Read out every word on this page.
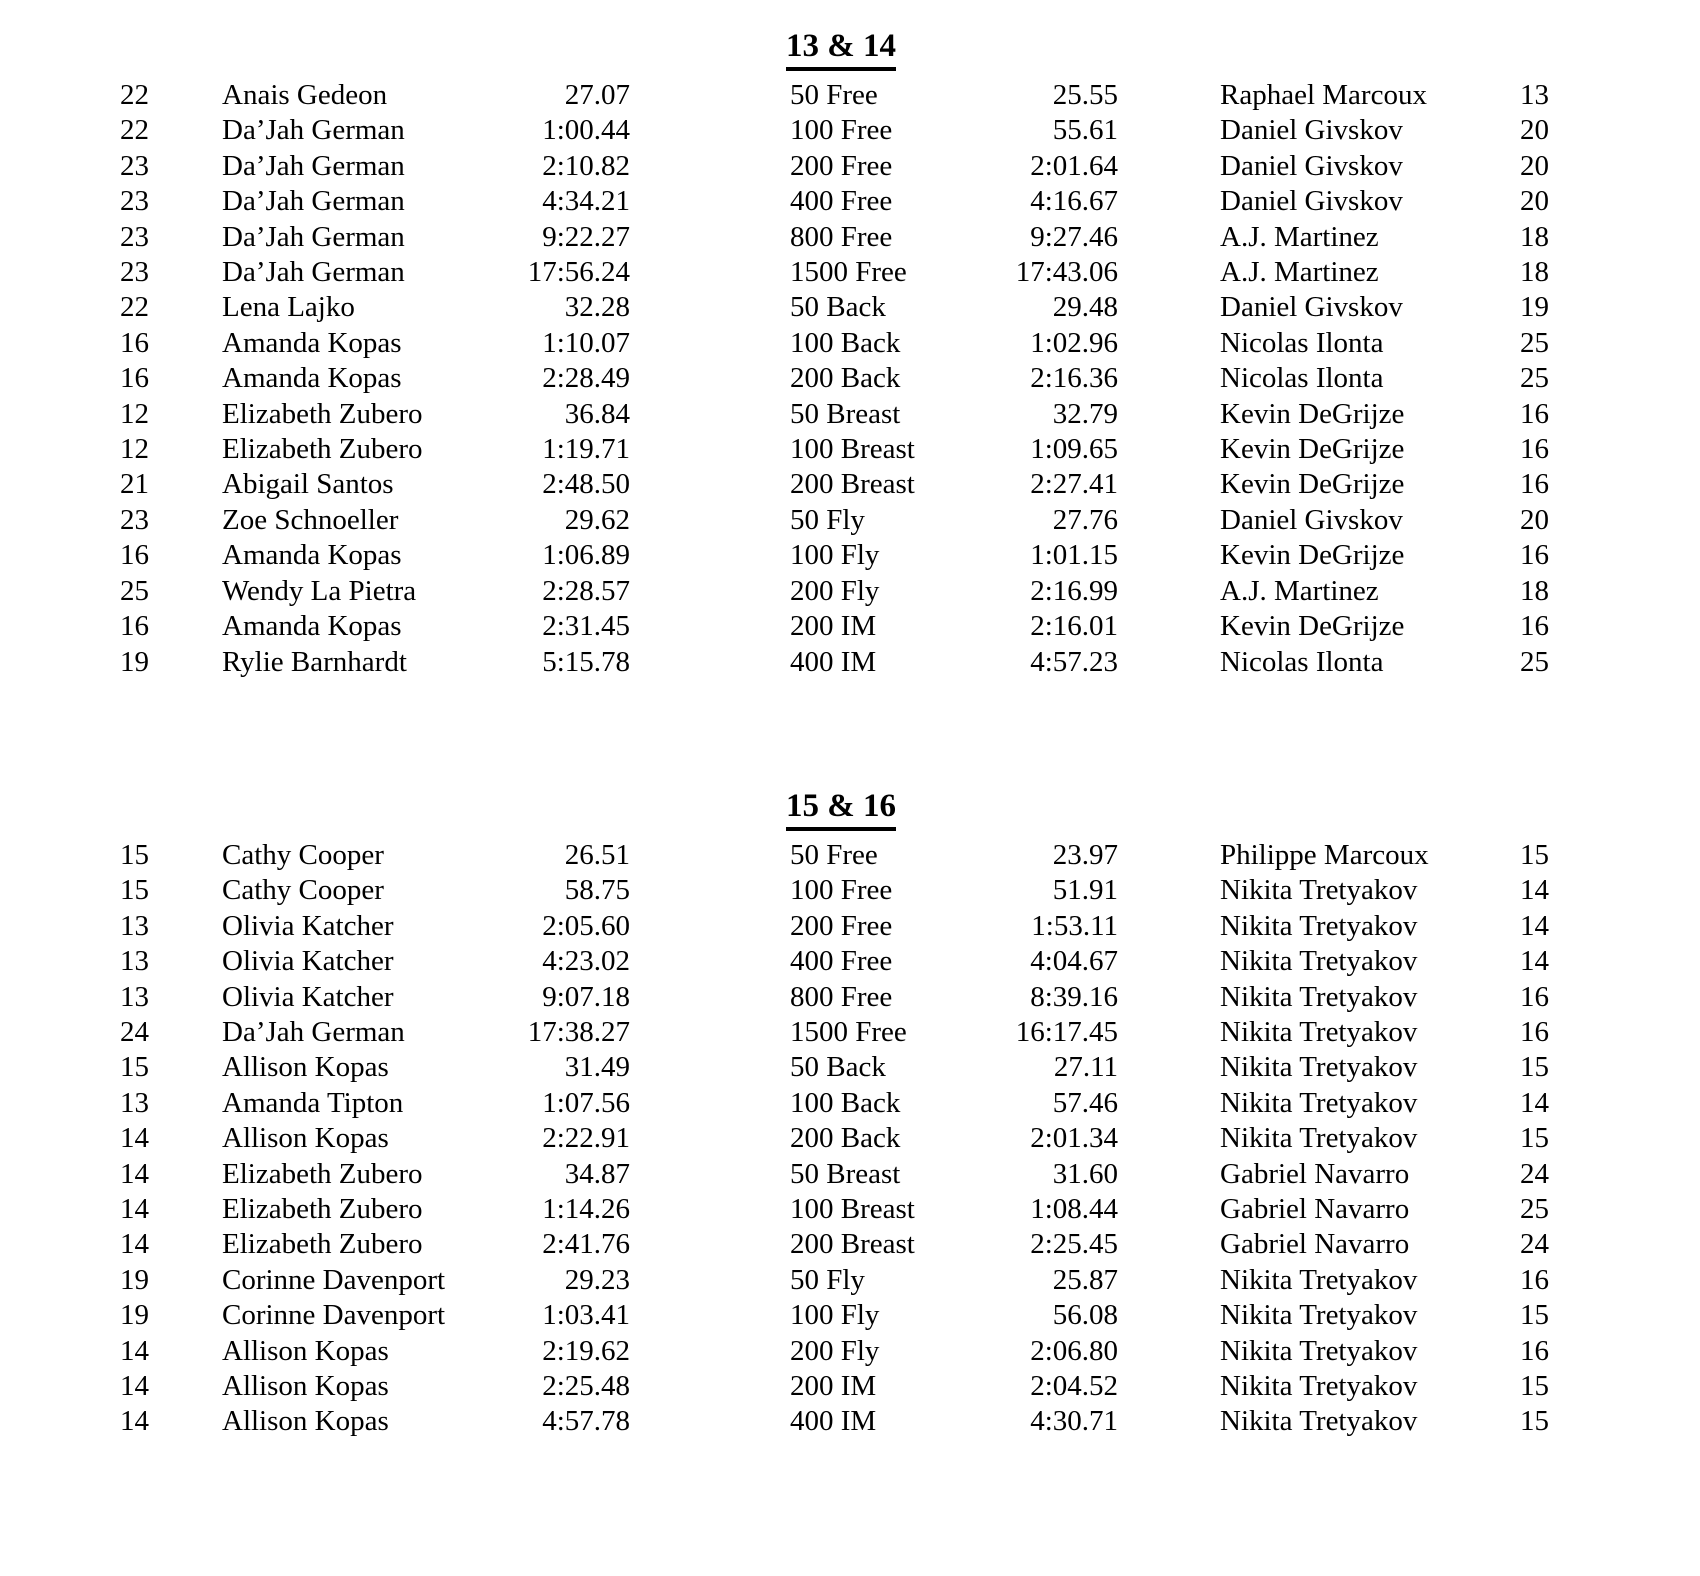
13 & 14
22	Anais Gedeon	27.07	50 Free	25.55	Raphael Marcoux	13
22	Da’Jah German	1:00.44	100 Free	55.61	Daniel Givskov	20
23	Da’Jah German	2:10.82	200 Free	2:01.64	Daniel Givskov	20
23	Da’Jah German	4:34.21	400 Free	4:16.67	Daniel Givskov	20
23	Da’Jah German	9:22.27	800 Free	9:27.46	A.J. Martinez	18
23	Da’Jah German	17:56.24	1500 Free	17:43.06	A.J. Martinez	18
22	Lena Lajko	32.28	50 Back	29.48	Daniel Givskov	19
16	Amanda Kopas	1:10.07	100 Back	1:02.96	Nicolas Ilonta	25
16	Amanda Kopas	2:28.49	200 Back	2:16.36	Nicolas Ilonta	25
12	Elizabeth Zubero	36.84	50 Breast	32.79	Kevin DeGrijze	16
12	Elizabeth Zubero	1:19.71	100 Breast	1:09.65	Kevin DeGrijze	16
21	Abigail Santos	2:48.50	200 Breast	2:27.41	Kevin DeGrijze	16
23	Zoe Schnoeller	29.62	50 Fly	27.76	Daniel Givskov	20
16	Amanda Kopas	1:06.89	100 Fly	1:01.15	Kevin DeGrijze	16
25	Wendy La Pietra	2:28.57	200 Fly	2:16.99	A.J. Martinez	18
16	Amanda Kopas	2:31.45	200 IM	2:16.01	Kevin DeGrijze	16
19	Rylie Barnhardt	5:15.78	400 IM	4:57.23	Nicolas Ilonta	25
15 & 16
15	Cathy Cooper	26.51	50 Free	23.97	Philippe Marcoux	15
15	Cathy Cooper	58.75	100 Free	51.91	Nikita Tretyakov	14
13	Olivia Katcher	2:05.60	200 Free	1:53.11	Nikita Tretyakov	14
13	Olivia Katcher	4:23.02	400 Free	4:04.67	Nikita Tretyakov	14
13	Olivia Katcher	9:07.18	800 Free	8:39.16	Nikita Tretyakov	16
24	Da’Jah German	17:38.27	1500 Free	16:17.45	Nikita Tretyakov	16
15	Allison Kopas	31.49	50 Back	27.11	Nikita Tretyakov	15
13	Amanda Tipton	1:07.56	100 Back	57.46	Nikita Tretyakov	14
14	Allison Kopas	2:22.91	200 Back	2:01.34	Nikita Tretyakov	15
14	Elizabeth Zubero	34.87	50 Breast	31.60	Gabriel Navarro	24
14	Elizabeth Zubero	1:14.26	100 Breast	1:08.44	Gabriel Navarro	25
14	Elizabeth Zubero	2:41.76	200 Breast	2:25.45	Gabriel Navarro	24
19	Corinne Davenport	29.23	50 Fly	25.87	Nikita Tretyakov	16
19	Corinne Davenport	1:03.41	100 Fly	56.08	Nikita Tretyakov	15
14	Allison Kopas	2:19.62	200 Fly	2:06.80	Nikita Tretyakov	16
14	Allison Kopas	2:25.48	200 IM	2:04.52	Nikita Tretyakov	15
14	Allison Kopas	4:57.78	400 IM	4:30.71	Nikita Tretyakov	15
